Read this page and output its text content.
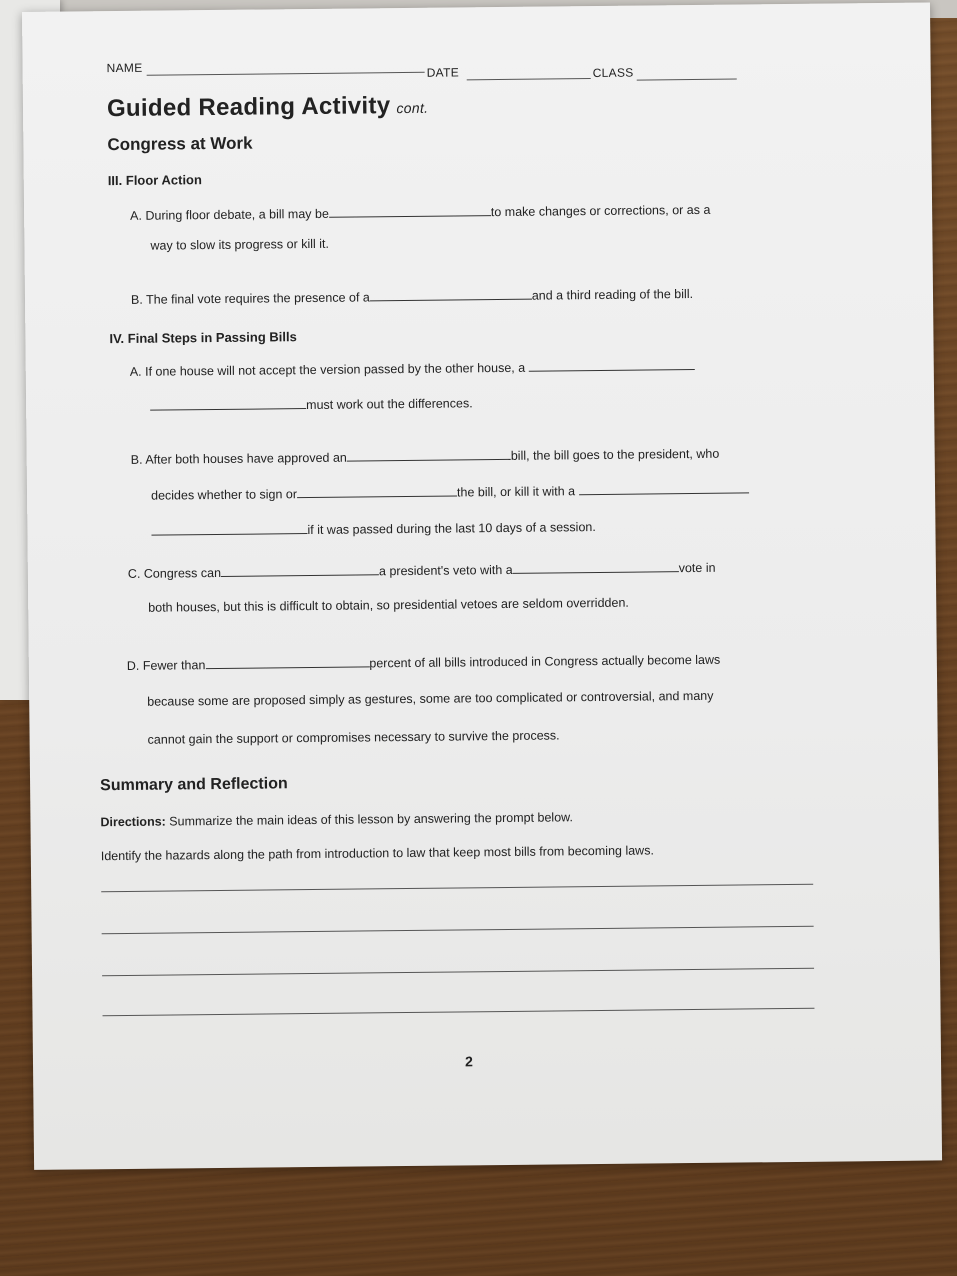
NAME	DATE	CLASS
Guided Reading Activity cont.
Congress at Work
III. Floor Action
A. During floor debate, a bill may be	to make changes or corrections, or as a
way to slow its progress or kill it.
B. The final vote requires the presence of a	and a third reading of the bill.
IV. Final Steps in Passing Bills
A. If one house will not accept the version passed by the other house, a
must work out the differences.
B. After both houses have approved an	bill, the bill goes to the president, who
decides whether to sign or	the bill, or kill it with a
if it was passed during the last 10 days of a session.
C. Congress can	a president's veto with a	vote in
both houses, but this is difficult to obtain, so presidential vetoes are seldom overridden.
D. Fewer than	percent of all bills introduced in Congress actually become laws
because some are proposed simply as gestures, some are too complicated or controversial, and many
cannot gain the support or compromises necessary to survive the process.
Summary and Reflection
Directions: Summarize the main ideas of this lesson by answering the prompt below.
Identify the hazards along the path from introduction to law that keep most bills from becoming laws.
2
